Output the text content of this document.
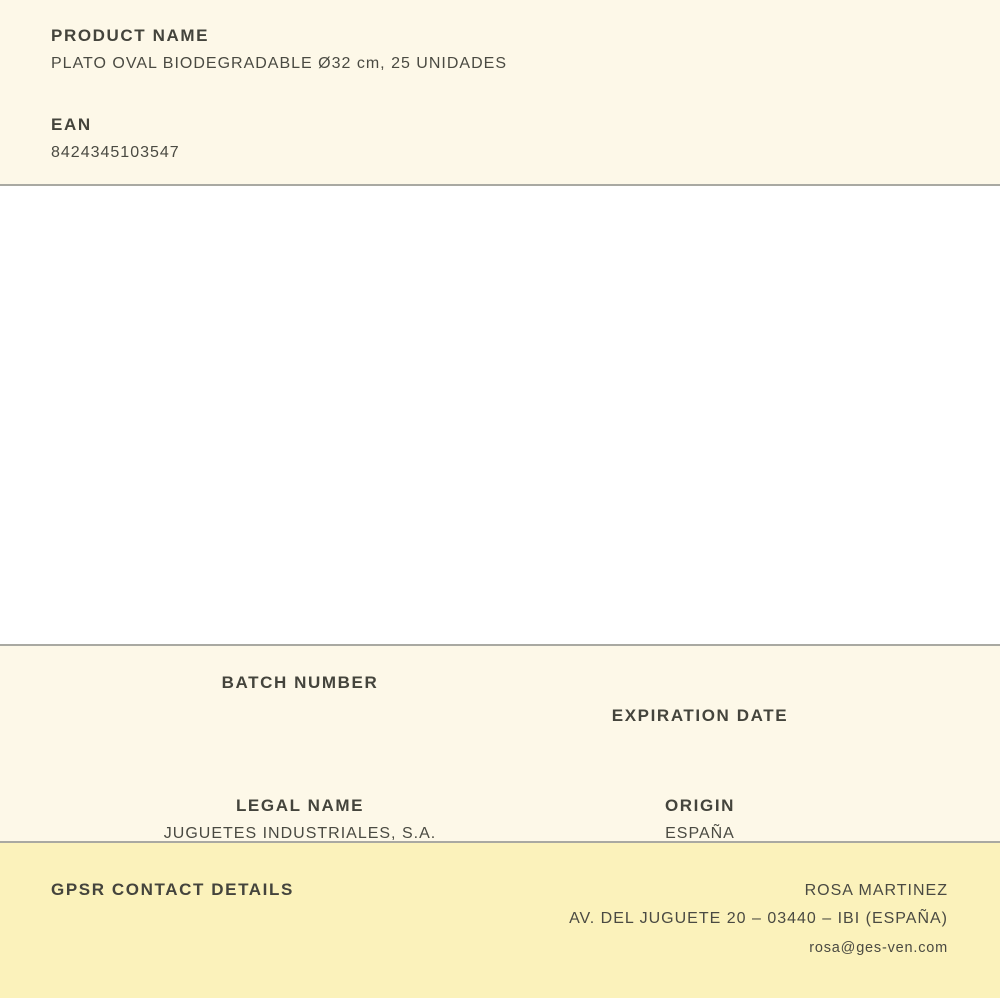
PRODUCT NAME
PLATO OVAL BIODEGRADABLE Ø32 cm, 25 UNIDADES
EAN
8424345103547
BATCH NUMBER
EXPIRATION DATE
LEGAL NAME
JUGUETES INDUSTRIALES, S.A.
ORIGIN
ESPAÑA
GPSR CONTACT DETAILS	ROSA MARTINEZ
AV. DEL JUGUETE 20 – 03440 – IBI (ESPAÑA)
rosa@ges-ven.com
